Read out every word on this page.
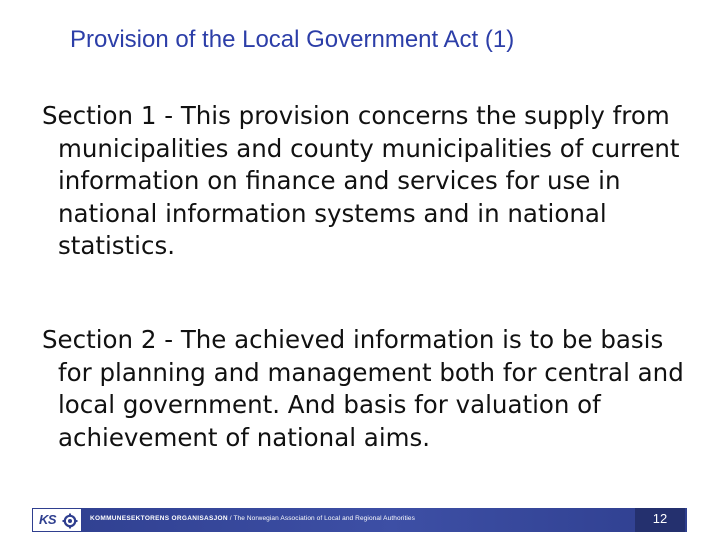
Provision of the Local Government Act (1)

Section 1 - This provision concerns the supply from municipalities and county municipalities of current information on finance and services for use in national information systems and in national statistics.

Section 2 - The achieved information is to be basis for planning and management both for central and local government. And basis for valuation of achievement of national aims.

KS	KOMMUNESEKTORENS ORGANISASJON / The Norwegian Association of Local and Regional Authorities	12
